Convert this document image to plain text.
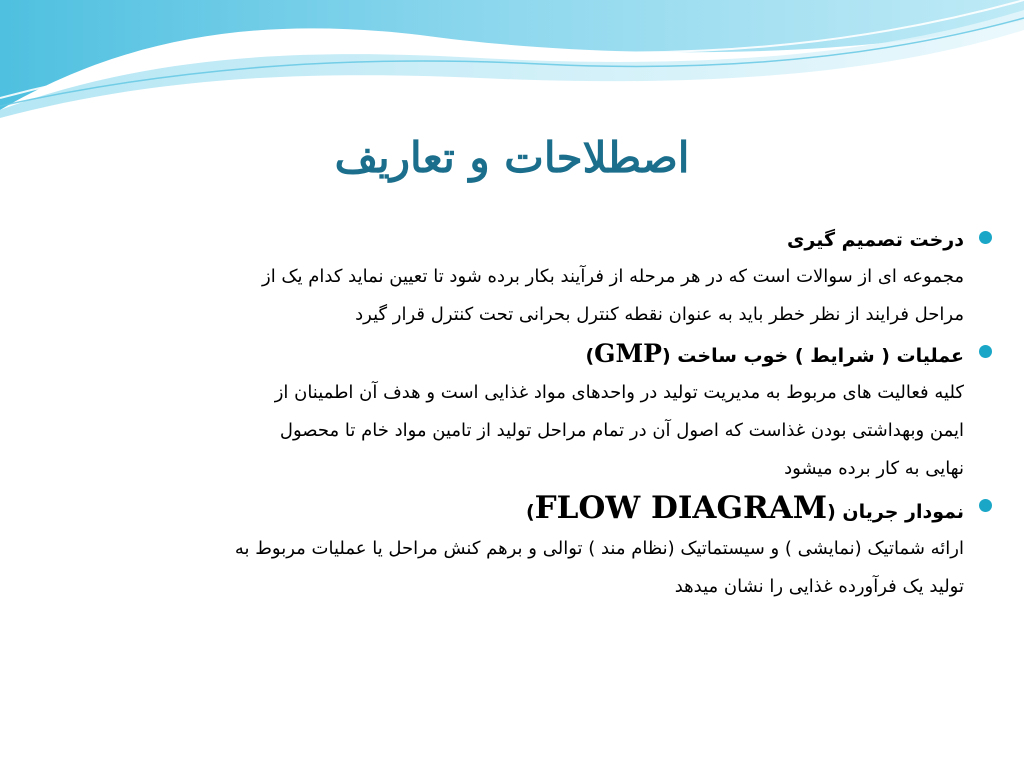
اصطلاحات و تعاریف
درخت تصمیم گیری
مجموعه ای از سوالات است که در هر مرحله از فرآیند بکار برده شود تا تعیین نماید کدام یک از

مراحل فرایند از نظر خطر باید به عنوان نقطه کنترل بحرانی تحت کنترل قرار گیرد
عملیات ( شرایط ) خوب ساخت (GMP)
کلیه فعالیت های مربوط به مدیریت تولید در واحدهای مواد غذایی است و هدف آن اطمینان از

ایمن وبهداشتی بودن غذاست که اصول آن در تمام مراحل تولید از تامین مواد خام تا محصول
نهایی به کار برده میشود
نمودار جریان (FLOW DIAGRAM)
ارائه شماتیک (نمایشی ) و سیستماتیک (نظام مند ) توالی و برهم کنش مراحل یا عملیات مربوط به

تولید یک فرآورده غذایی را نشان میدهد
